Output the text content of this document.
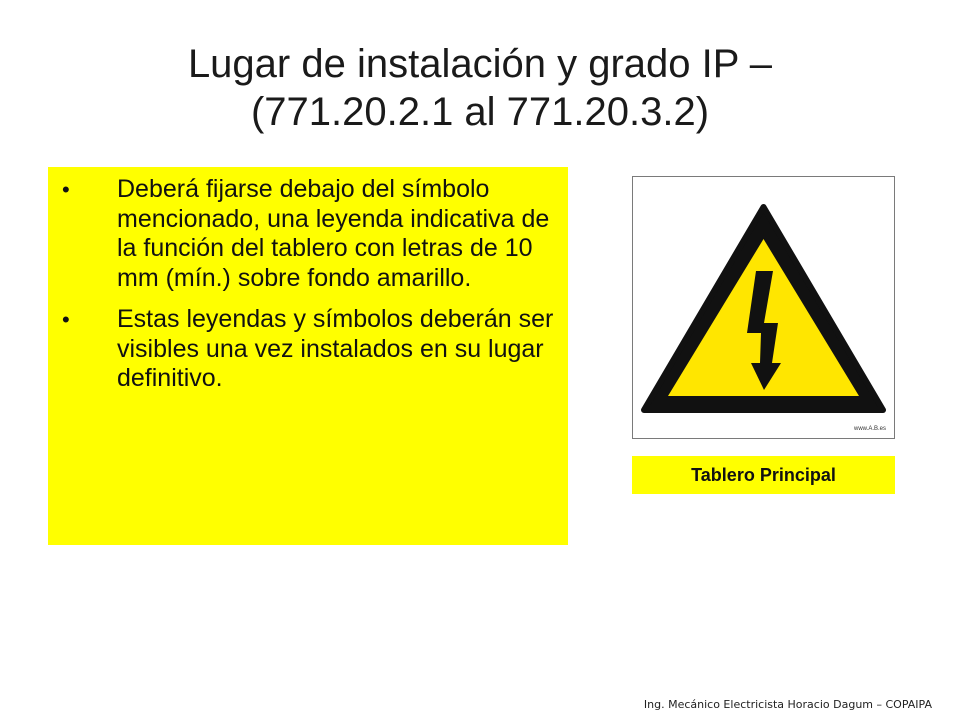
Lugar de instalación y grado IP –
(771.20.2.1 al 771.20.3.2)
• Deberá fijarse debajo del símbolo mencionado, una leyenda indicativa de la función del tablero con letras de 10 mm (mín.) sobre fondo amarillo.
• Estas leyendas y símbolos deberán ser visibles una vez instalados en su lugar definitivo.
www.A.B.es
Tablero Principal
Ing. Mecánico Electricista Horacio Dagum – COPAIPA
